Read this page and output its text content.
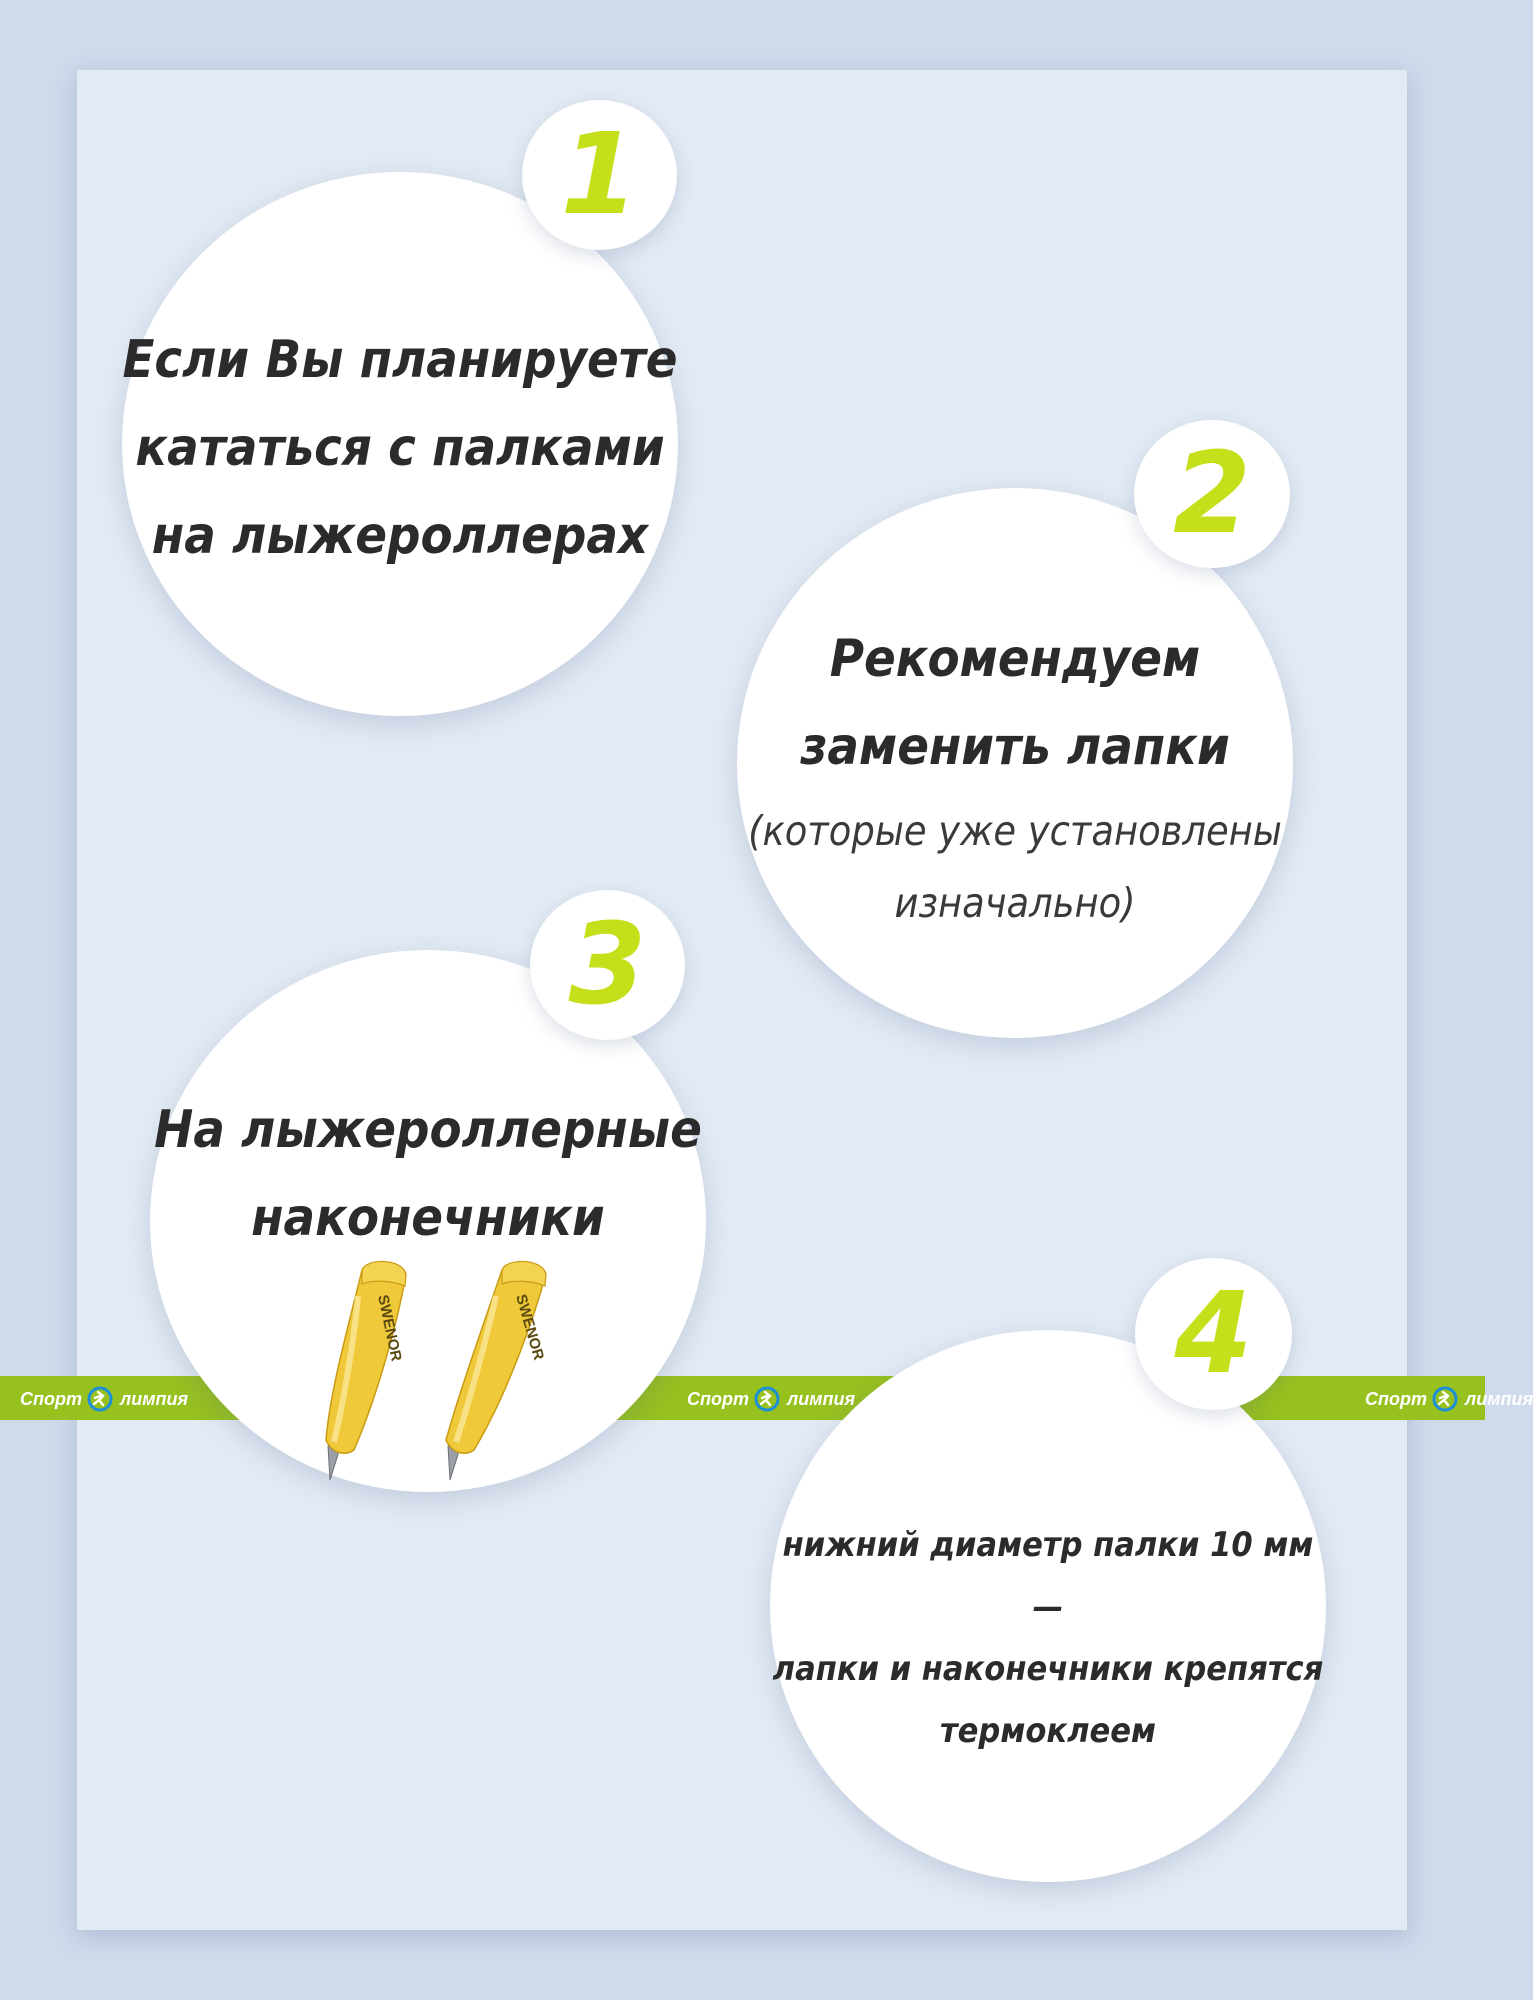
Спорт лимпия	Спорт лимпия	Спорт лимпия
1
Если Вы планируете
кататься с палками
на лыжероллерах	2
Рекомендуем
заменить лапки
(которые уже установлены
изначально)
3
На лыжероллерные
наконечники
SWENOR	SWENOR	4
нижний диаметр палки 10 мм
—
лапки и наконечники крепятся
термоклеем
